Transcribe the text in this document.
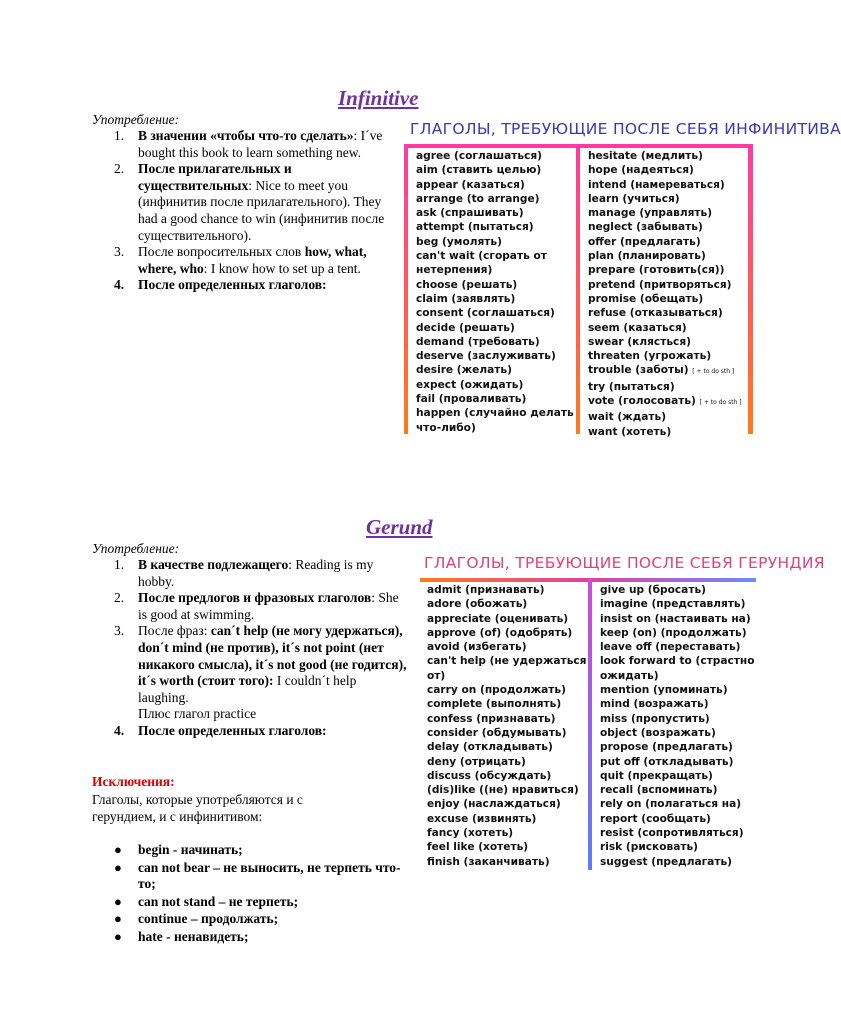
Infinitive
Употребление:
1. В значении «чтобы что-то сделать»: I´ve bought this book to learn something new.
2. После прилагательных и существительных: Nice to meet you (инфинитив после прилагательного). They had a good chance to win (инфинитив после существительного).
3. После вопросительных слов how, what, where, who: I know how to set up a tent.
4. После определенных глаголов:
ГЛАГОЛЫ, ТРЕБУЮЩИЕ ПОСЛЕ СЕБЯ ИНФИНИТИВА
agree (соглашаться)
aim (ставить целью)
appear (казаться)
arrange (to arrange)
ask (спрашивать)
attempt (пытаться)
beg (умолять)
can't wait (сгорать от
нетерпения)
choose (решать)
claim (заявлять)
consent (соглашаться)
decide (решать)
demand (требовать)
deserve (заслуживать)
desire (желать)
expect (ожидать)
fail (проваливать)
happen (случайно делать
что-либо)
hesitate (медлить)
hope (надеяться)
intend (намереваться)
learn (учиться)
manage (управлять)
neglect (забывать)
offer (предлагать)
plan (планировать)
prepare (готовить(ся))
pretend (притворяться)
promise (обещать)
refuse (отказываться)
seem (казаться)
swear (клясться)
threaten (угрожать)
trouble (заботы) [ + to do sth ]
try (пытаться)
vote (голосовать) [ + to do sth ]
wait (ждать)
want (хотеть)
Gerund
Употребление:
1. В качестве подлежащего: Reading is my hobby.
2. После предлогов и фразовых глаголов: She is good at swimming.
3. После фраз: can´t help (не могу удержаться), don´t mind (не против), it´s not point (нет никакого смысла), it´s not good (не годится), it´s worth (стоит того): I couldn´t help laughing.
Плюс глагол practice
4. После определенных глаголов:
ГЛАГОЛЫ, ТРЕБУЮЩИЕ ПОСЛЕ СЕБЯ ГЕРУНДИЯ
admit (признавать)
adore (обожать)
appreciate (оценивать)
approve (of) (одобрять)
avoid (избегать)
can't help (не удержаться
от)
carry on (продолжать)
complete (выполнять)
confess (признавать)
consider (обдумывать)
delay (откладывать)
deny (отрицать)
discuss (обсуждать)
(dis)like ((не) нравиться)
enjoy (наслаждаться)
excuse (извинять)
fancy (хотеть)
feel like (хотеть)
finish (заканчивать)
give up (бросать)
imagine (представлять)
insist on (настаивать на)
keep (on) (продолжать)
leave off (переставать)
look forward to (страстно
ожидать)
mention (упоминать)
mind (возражать)
miss (пропустить)
object (возражать)
propose (предлагать)
put off (откладывать)
quit (прекращать)
recall (вспоминать)
rely on (полагаться на)
report (сообщать)
resist (сопротивляться)
risk (рисковать)
suggest (предлагать)
Исключения:
Глаголы, которые употребляются и с герундием, и с инфинитивом:
● begin - начинать;
● can not bear – не выносить, не терпеть что-то;
● can not stand – не терпеть;
● continue – продолжать;
● hate - ненавидеть;
